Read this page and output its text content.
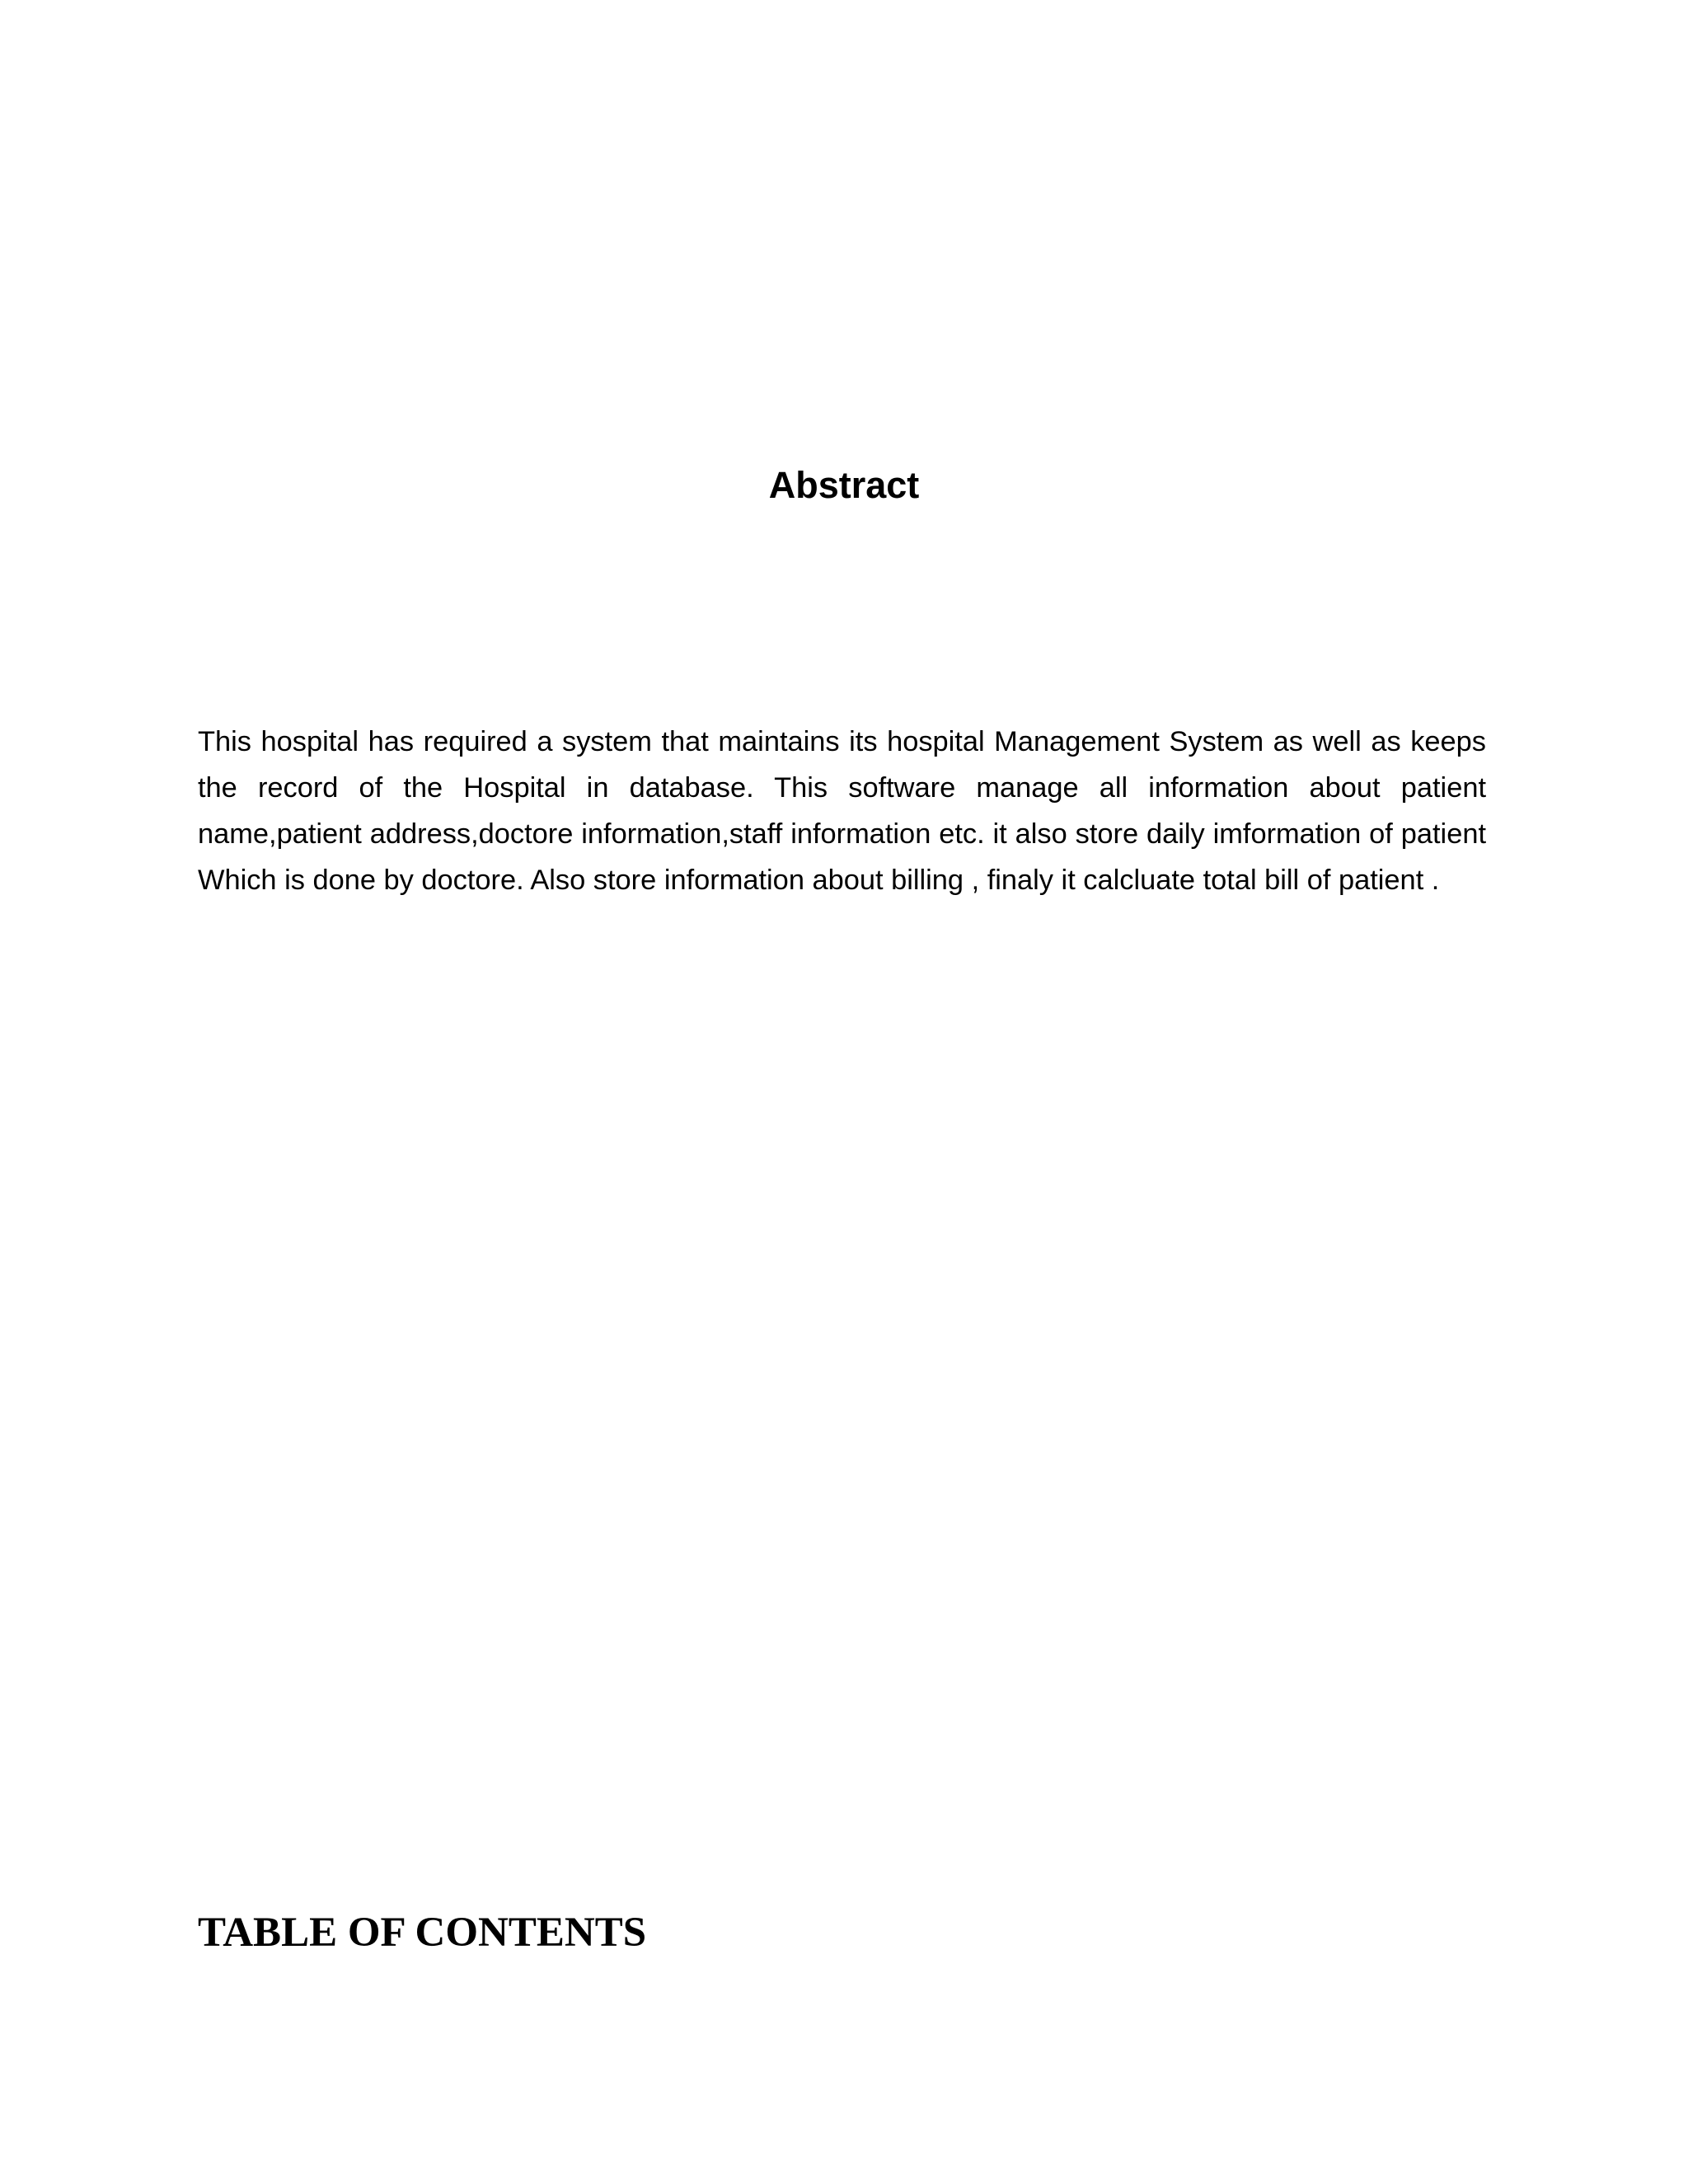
Abstract

This hospital has required a system that maintains its hospital Management System as well as keeps the record of the Hospital in database. This software manage all information about patient name,patient address,doctore information,staff information etc. it also store daily imformation of patient Which is done by doctore. Also store information about billing , finaly it calcluate total bill of patient .

TABLE OF CONTENTS
